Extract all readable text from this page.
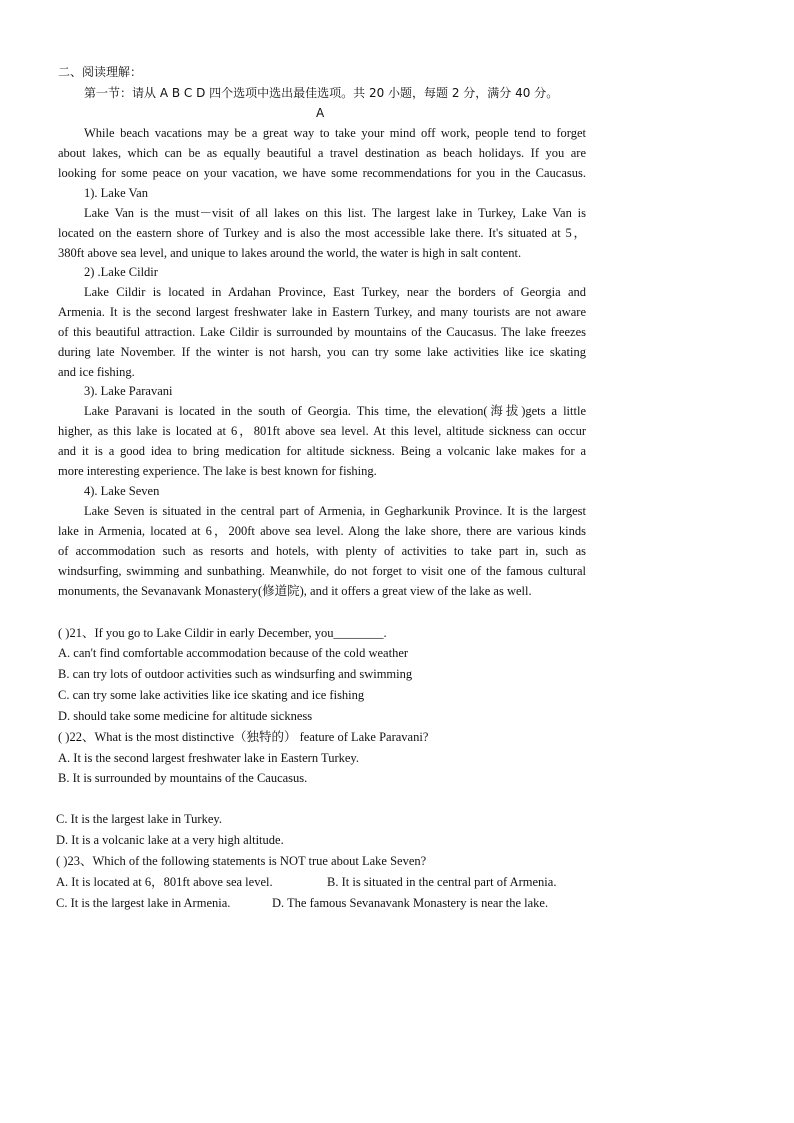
二、阅读理解：
第一节：请从 A B C D 四个选项中选出最佳选项。共 20 小题，每题 2 分，满分 40 分。
A
While beach vacations may be a great way to take your mind off work, people tend to forget
about lakes, which can be as equally beautiful a travel destination as beach holidays. If you are
looking for some peace on your vacation, we have some recommendations for you in the Caucasus.
1). Lake Van
Lake Van is the must－visit of all lakes on this list. The largest lake in Turkey, Lake Van is
located on the eastern shore of Turkey and is also the most accessible lake there. It's situated at 5，
380ft above sea level, and unique to lakes around the world, the water is high in salt content.
2) .Lake Cildir
Lake Cildir is located in Ardahan Province, East Turkey, near the borders of Georgia and
Armenia. It is the second largest freshwater lake in Eastern Turkey, and many tourists are not aware
of this beautiful attraction. Lake Cildir is surrounded by mountains of the Caucasus. The lake freezes
during late November. If the winter is not harsh, you can try some lake activities like ice skating
and ice fishing.
3). Lake Paravani
Lake Paravani is located in the south of Georgia. This time, the elevation(海拔)gets a little
higher, as this lake is located at 6，801ft above sea level. At this level, altitude sickness can occur
and it is a good idea to bring medication for altitude sickness. Being a volcanic lake makes for a
more interesting experience. The lake is best known for fishing.
4). Lake Seven
Lake Seven is situated in the central part of Armenia, in Gegharkunik Province. It is the largest
lake in Armenia, located at 6，200ft above sea level. Along the lake shore, there are various kinds
of accommodation such as resorts and hotels, with plenty of activities to take part in, such as
windsurfing, swimming and sunbathing. Meanwhile, do not forget to visit one of the famous cultural
monuments, the Sevanavank Monastery(修道院), and it offers a great view of the lake as well.
( )21、If you go to Lake Cildir in early December, you________.
A. can't find comfortable accommodation because of the cold weather
B. can try lots of outdoor activities such as windsurfing and swimming
C. can try some lake activities like ice skating and ice fishing
D. should take some medicine for altitude sickness
( )22、What is the most distinctive（独特的） feature of Lake Paravani?
A. It is the second largest freshwater lake in Eastern Turkey.
B. It is surrounded by mountains of the Caucasus.
C. It is the largest lake in Turkey.
D. It is a volcanic lake at a very high altitude.
( )23、Which of the following statements is NOT true about Lake Seven?
A. It is located at 6，801ft above sea level.	B. It is situated in the central part of Armenia.
C. It is the largest lake in Armenia.	D. The famous Sevanavank Monastery is near the lake.
